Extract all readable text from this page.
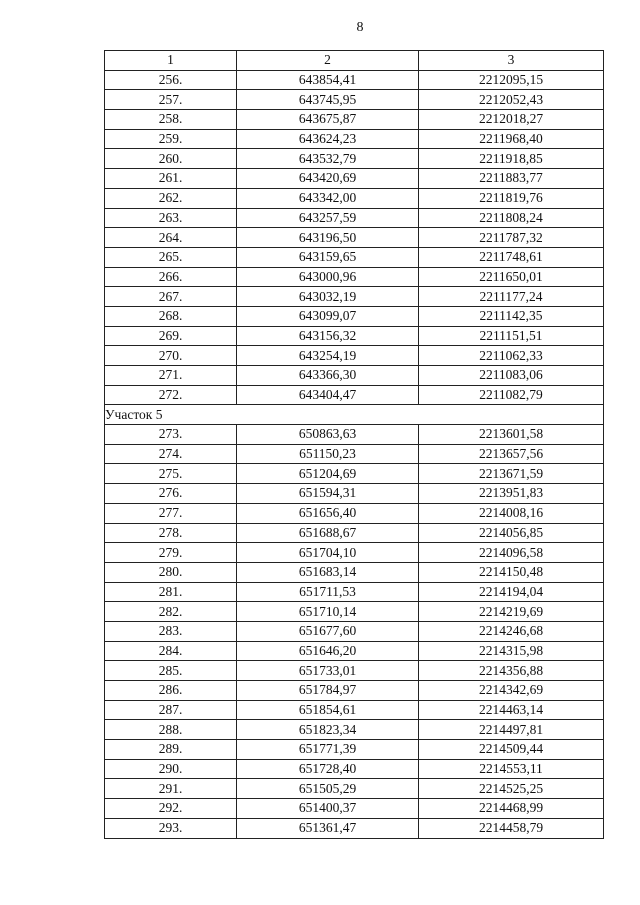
8
1	2	3
256.	643854,41	2212095,15
257.	643745,95	2212052,43
258.	643675,87	2212018,27
259.	643624,23	2211968,40
260.	643532,79	2211918,85
261.	643420,69	2211883,77
262.	643342,00	2211819,76
263.	643257,59	2211808,24
264.	643196,50	2211787,32
265.	643159,65	2211748,61
266.	643000,96	2211650,01
267.	643032,19	2211177,24
268.	643099,07	2211142,35
269.	643156,32	2211151,51
270.	643254,19	2211062,33
271.	643366,30	2211083,06
272.	643404,47	2211082,79
Участок 5		
273.	650863,63	2213601,58
274.	651150,23	2213657,56
275.	651204,69	2213671,59
276.	651594,31	2213951,83
277.	651656,40	2214008,16
278.	651688,67	2214056,85
279.	651704,10	2214096,58
280.	651683,14	2214150,48
281.	651711,53	2214194,04
282.	651710,14	2214219,69
283.	651677,60	2214246,68
284.	651646,20	2214315,98
285.	651733,01	2214356,88
286.	651784,97	2214342,69
287.	651854,61	2214463,14
288.	651823,34	2214497,81
289.	651771,39	2214509,44
290.	651728,40	2214553,11
291.	651505,29	2214525,25
292.	651400,37	2214468,99
293.	651361,47	2214458,79
